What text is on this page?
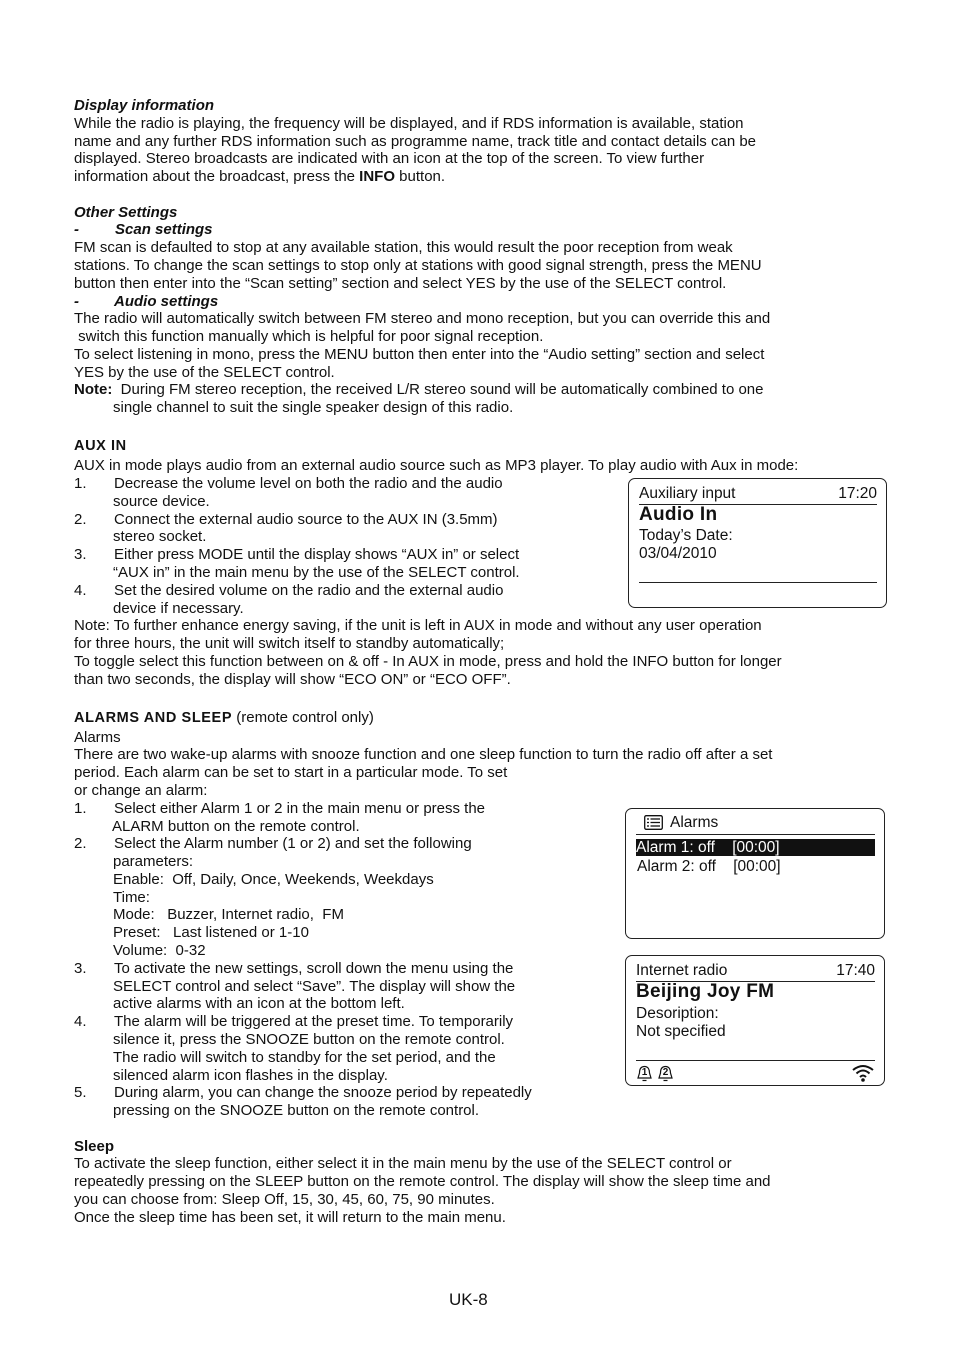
Display information
While the radio is playing, the frequency will be displayed, and if RDS information is available, station
name and any further RDS information such as programme name, track title and contact details can be
displayed. Stereo broadcasts are indicated with an icon at the top of the screen. To view further
information about the broadcast, press the INFO button.
Other Settings
- Scan settings
FM scan is defaulted to stop at any available station, this would result the poor reception from weak
stations. To change the scan settings to stop only at stations with good signal strength, press the MENU
button then enter into the “Scan setting” section and select YES by the use of the SELECT control.
- Audio settings
The radio will automatically switch between FM stereo and mono reception, but you can override this and
switch this function manually which is helpful for poor signal reception.
To select listening in mono, press the MENU button then enter into the “Audio setting” section and select
YES by the use of the SELECT control.
Note:  During FM stereo reception, the received L/R stereo sound will be automatically combined to one
single channel to suit the single speaker design of this radio.
AUX IN
AUX in mode plays audio from an external audio source such as MP3 player. To play audio with Aux in mode:
1. Decrease the volume level on both the radio and the audio
source device.
2. Connect the external audio source to the AUX IN (3.5mm)
stereo socket.
3. Either press MODE until the display shows “AUX in” or select
“AUX in” in the main menu by the use of the SELECT control.
4. Set the desired volume on the radio and the external audio
device if necessary.
Note: To further enhance energy saving, if the unit is left in AUX in mode and without any user operation
for three hours, the unit will switch itself to standby automatically;
To toggle select this function between on & off - In AUX in mode, press and hold the INFO button for longer
than two seconds, the display will show “ECO ON” or “ECO OFF”.
Auxiliary input	17:20
Audio In
Today’s Date:
03/04/2010
ALARMS AND SLEEP (remote control only)
Alarms
There are two wake-up alarms with snooze function and one sleep function to turn the radio off after a set
period. Each alarm can be set to start in a particular mode. To set
or change an alarm:
1. Select either Alarm 1 or 2 in the main menu or press the
ALARM button on the remote control.
2. Select the Alarm number (1 or 2) and set the following
parameters:
Enable:  Off, Daily, Once, Weekends, Weekdays
Time:
Mode:   Buzzer, Internet radio,  FM
Preset:   Last listened or 1-10
Volume:  0-32
3. To activate the new settings, scroll down the menu using the
SELECT control and select “Save”. The display will show the
active alarms with an icon at the bottom left.
4. The alarm will be triggered at the preset time. To temporarily
silence it, press the SNOOZE button on the remote control.
The radio will switch to standby for the set period, and the
silenced alarm icon flashes in the display.
5. During alarm, you can change the snooze period by repeatedly
pressing on the SNOOZE button on the remote control.
Alarms
Alarm 1: off    [00:00]
Alarm 2: off    [00:00]
Internet radio	17:40
Beijing Joy FM
Desoription:
Not specified
1	2
Sleep
To activate the sleep function, either select it in the main menu by the use of the SELECT control or
repeatedly pressing on the SLEEP button on the remote control. The display will show the sleep time and
you can choose from: Sleep Off, 15, 30, 45, 60, 75, 90 minutes.
Once the sleep time has been set, it will return to the main menu.
UK-8
